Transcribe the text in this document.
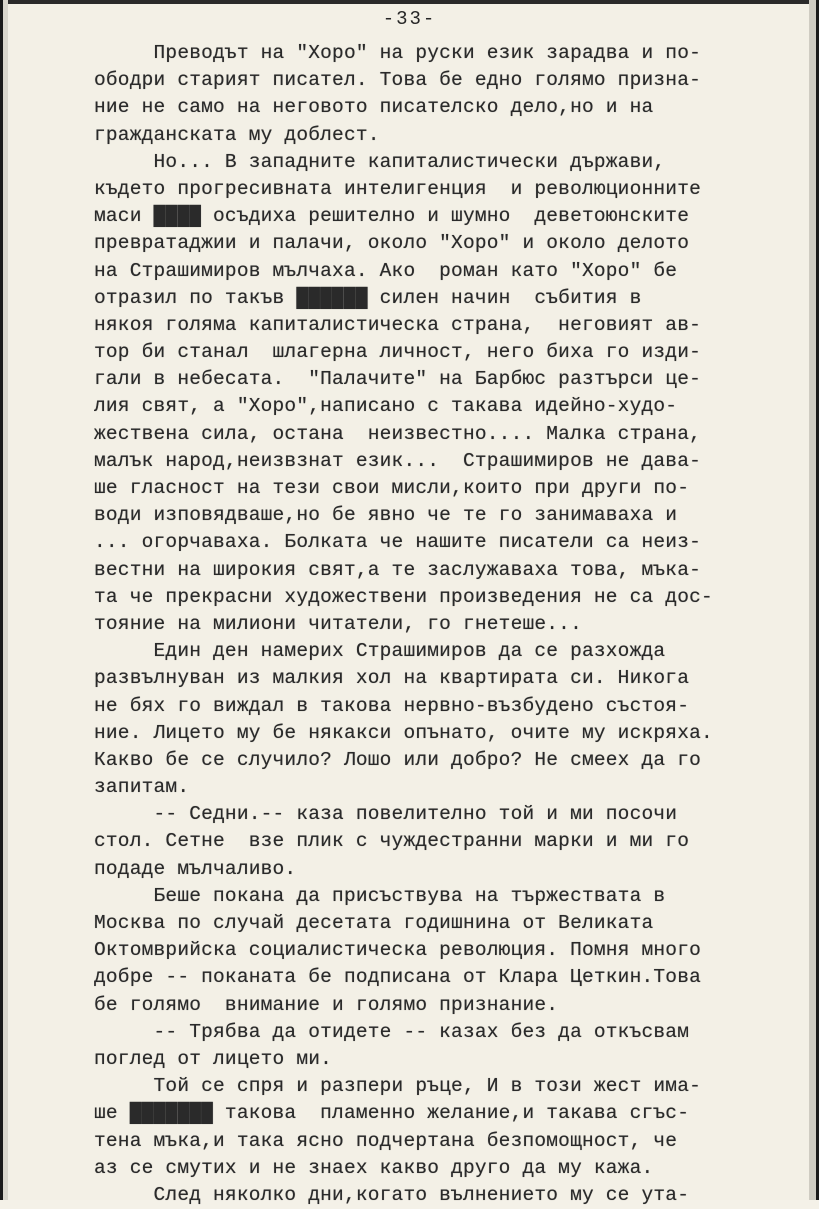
-33-
Преводът на "Хоро" на руски език зарадва и по-
ободри старият писател. Това бе едно голямо призна-
ние не само на неговото писателско дело,но и на
гражданската му доблест.
Но... В западните капиталистически държави,
където прогресивната интелигенция  и революционните
маси ████ осъдиха решително и шумно  деветоюнските
превратаджии и палачи, около "Хоро" и около делото
на Страшимиров мълчаха. Ако  роман като "Хоро" бе
отразил по такъв ██████ силен начин  събития в
някоя голяма капиталистическа страна,  неговият ав-
тор би станал  шлагерна личност, него биха го изди-
гали в небесата.  "Палачите" на Барбюс разтърси це-
лия свят, а "Хоро",написано с такава идейно-худо-
жествена сила, остана  неизвестно.... Малка страна,
малък народ,неизвзнат език...  Страшимиров не дава-
ше гласност на тези свои мисли,които при други по-
води изповядваше,но бе явно че те го занимаваха и
... огорчаваха. Болката че нашите писатели са неиз-
вестни на широкия свят,а те заслужаваха това, мъка-
та че прекрасни художествени произведения не са дос-
тояние на милиони читатели, го гнетеше...
Един ден намерих Страшимиров да се разхожда
развълнуван из малкия хол на квартирата си. Никога
не бях го виждал в такова нервно-възбудено състоя-
ние. Лицето му бе някакси опънато, очите му искряха.
Какво бе се случило? Лошо или добро? Не смеех да го
запитам.
-- Седни.-- каза повелително той и ми посочи
стол. Сетне  взе плик с чуждестранни марки и ми го
подаде мълчаливо.
Беше покана да присъствува на тържествата в
Москва по случай десетата годишнина от Великата
Октомврийска социалистическа революция. Помня много
добре -- поканата бе подписана от Клара Цеткин.Това
бе голямо  внимание и голямо признание.
-- Трябва да отидете -- казах без да откъсвам
поглед от лицето ми.
Той се спря и разпери ръце, И в този жест има-
ше ███████ такова  пламенно желание,и такава сгъс-
тена мъка,и така ясно подчертана безпомощност, че
аз се смутих и не знаех какво друго да му кажа.
След няколко дни,когато вълнението му се ута-
